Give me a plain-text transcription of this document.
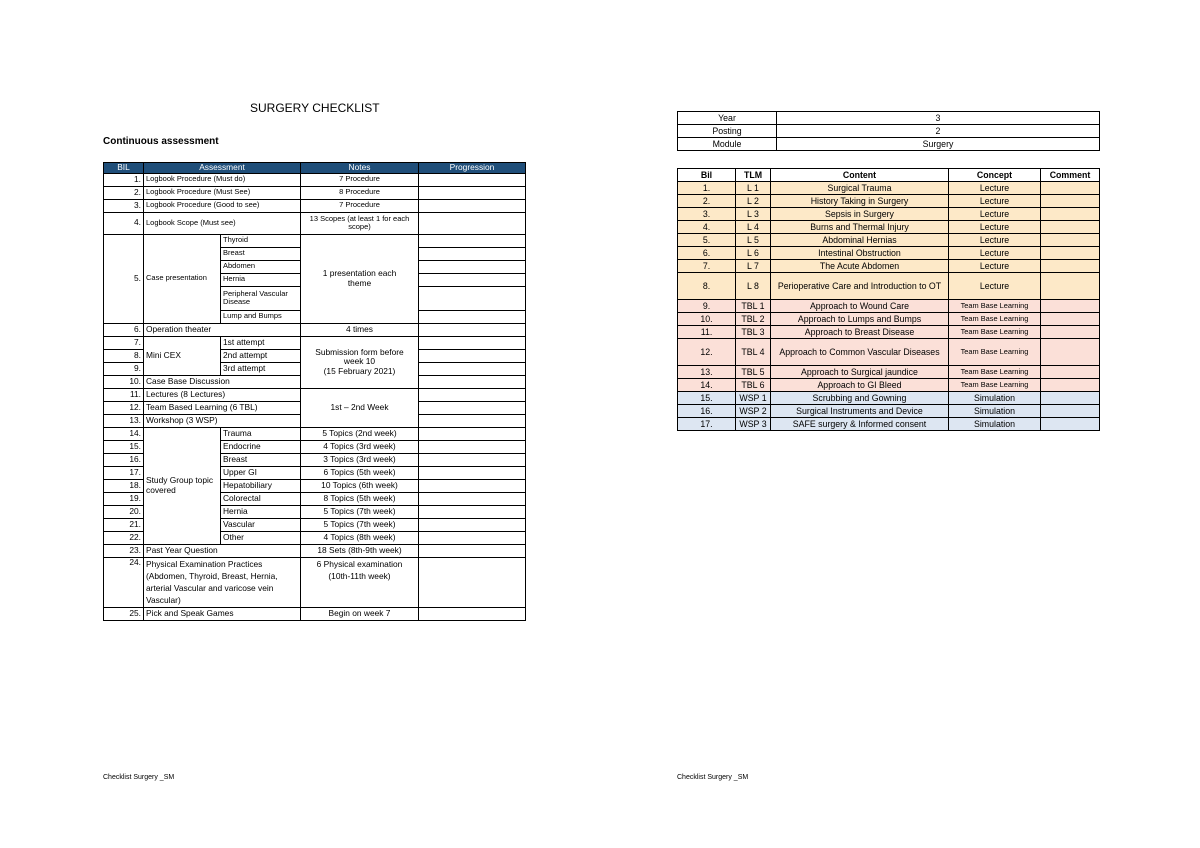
SURGERY CHECKLIST
Continuous assessment
BIL	Assessment		Notes	Progression
1.	Logbook Procedure (Must do)		7 Procedure	
2.	Logbook Procedure (Must See)		8 Procedure	
3.	Logbook Procedure (Good to see)		7 Procedure	
4.	Logbook Scope (Must see)		13 Scopes (at least 1 for each scope)	
5.	Case presentation	Thyroid	1 presentation each theme	
		Breast		
		Abdomen		
		Hernia		
		Peripheral Vascular Disease		
		Lump and Bumps		
6.	Operation theater		4 times	
7.	Mini CEX	1st attempt	Submission form before
week 10
(15 February 2021)	

8.		2nd attempt		
9.		3rd attempt		
10.	Case Base Discussion			
11.	Lectures (8 Lectures)		1st – 2nd Week	
12.	Team Based Learning (6 TBL)			
13.	Workshop (3 WSP)			
14.	Study Group topic covered	Trauma	5 Topics (2nd week)	
15.		Endocrine	4 Topics (3rd week)	
16.		Breast	3 Topics (3rd week)	
17.		Upper GI	6 Topics (5th week)	
18.		Hepatobiliary	10 Topics (6th week)	
19.		Colorectal	8 Topics (5th week)	
20.		Hernia	5 Topics (7th week)	
21.		Vascular	5 Topics (7th week)	
22.		Other	4 Topics (8th week)	
23.	Past Year Question		18 Sets (8th-9th week)	
24.	Physical Examination Practices (Abdomen, Thyroid, Breast, Hernia, arterial Vascular and varicose vein Vascular)		6 Physical examination (10th-11th week)	
25.	Pick and Speak Games		Begin on week 7	
Checklist Surgery _SM
Year	3
Posting	2
Module	Surgery
Bil	TLM	Content	Concept	Comment
1.	L 1	Surgical Trauma	Lecture	
2.	L 2	History Taking in Surgery	Lecture	
3.	L 3	Sepsis in Surgery	Lecture	
4.	L 4	Burns and Thermal Injury	Lecture	
5.	L 5	Abdominal Hernias	Lecture	
6.	L 6	Intestinal Obstruction	Lecture	
7.	L 7	The Acute Abdomen	Lecture	
8.	L 8	Perioperative Care and Introduction to OT	Lecture	
9.	TBL 1	Approach to Wound Care	Team Base Learning	
10.	TBL 2	Approach to Lumps and Bumps	Team Base Learning	
11.	TBL 3	Approach to Breast Disease	Team Base Learning	
12.	TBL 4	Approach to Common Vascular Diseases	Team Base Learning	
13.	TBL 5	Approach to Surgical jaundice	Team Base Learning	
14.	TBL 6	Approach to GI Bleed	Team Base Learning	
15.	WSP 1	Scrubbing and Gowning	Simulation	
16.	WSP 2	Surgical Instruments and Device	Simulation	
17.	WSP 3	SAFE surgery & Informed consent	Simulation	
Checklist Surgery _SM
